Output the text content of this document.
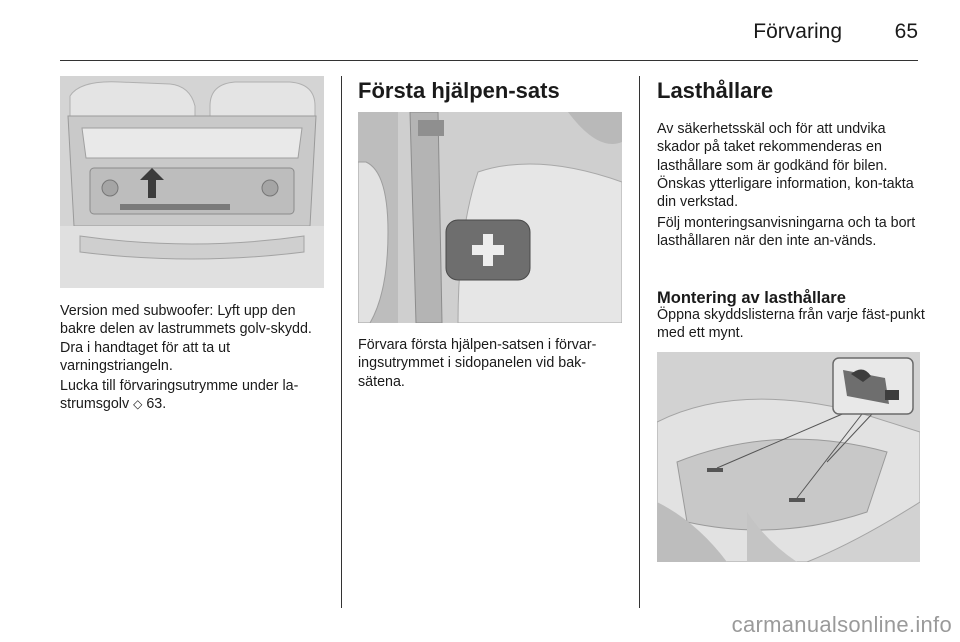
Förvaring	65

Version med subwoofer: Lyft upp den bakre delen av lastrummets golv-skydd. Dra i handtaget för att ta ut varningstriangeln.

Lucka till förvaringsutrymme under la-strumsgolv ◇ 63.

Första hjälpen-sats

Förvara första hjälpen-satsen i förvar-ingsutrymmet i sidopanelen vid bak-sätena.

Lasthållare

Av säkerhetsskäl och för att undvika skador på taket rekommenderas en lasthållare som är godkänd för bilen. Önskas ytterligare information, kon-takta din verkstad.

Följ monteringsanvisningarna och ta bort lasthållaren när den inte an-vänds.

Montering av lasthållare

Öppna skyddslisterna från varje fäst-punkt med ett mynt.

carmanualsonline.info
